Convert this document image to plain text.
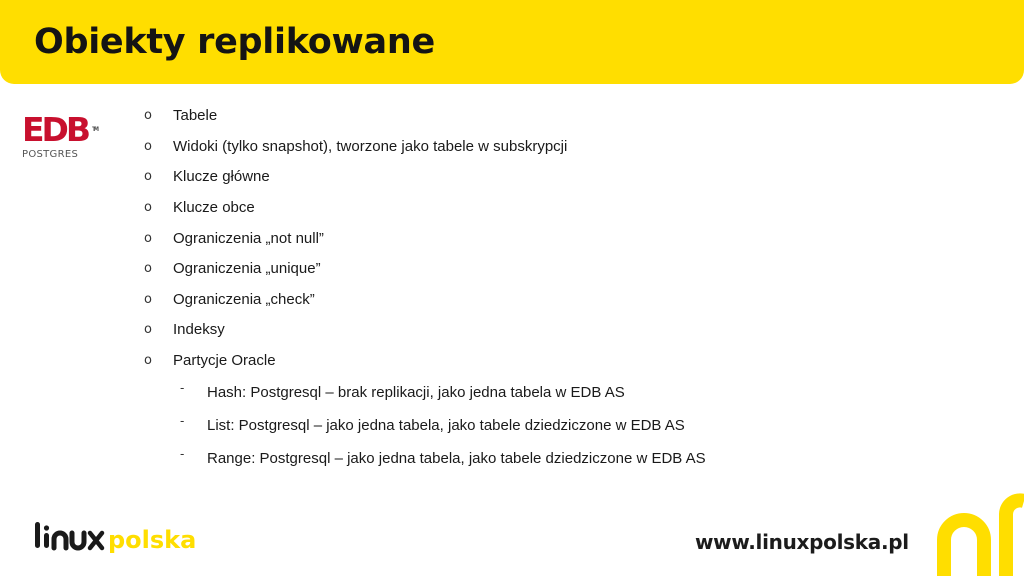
Obiekty replikowane
EDB ™
POSTGRES
o	Tabele
o	Widoki (tylko snapshot), tworzone jako tabele w subskrypcji
o	Klucze główne
o	Klucze obce
o	Ograniczenia „not null”
o	Ograniczenia „unique”
o	Ograniczenia „check”
o	Indeksy
o	Partycje Oracle
-	Hash: Postgresql – brak replikacji, jako jedna tabela w EDB AS
-	List: Postgresql – jako jedna tabela, jako tabele dziedziczone w EDB AS
-	Range: Postgresql – jako jedna tabela, jako tabele dziedziczone w EDB AS
polska	www.linuxpolska.pl
